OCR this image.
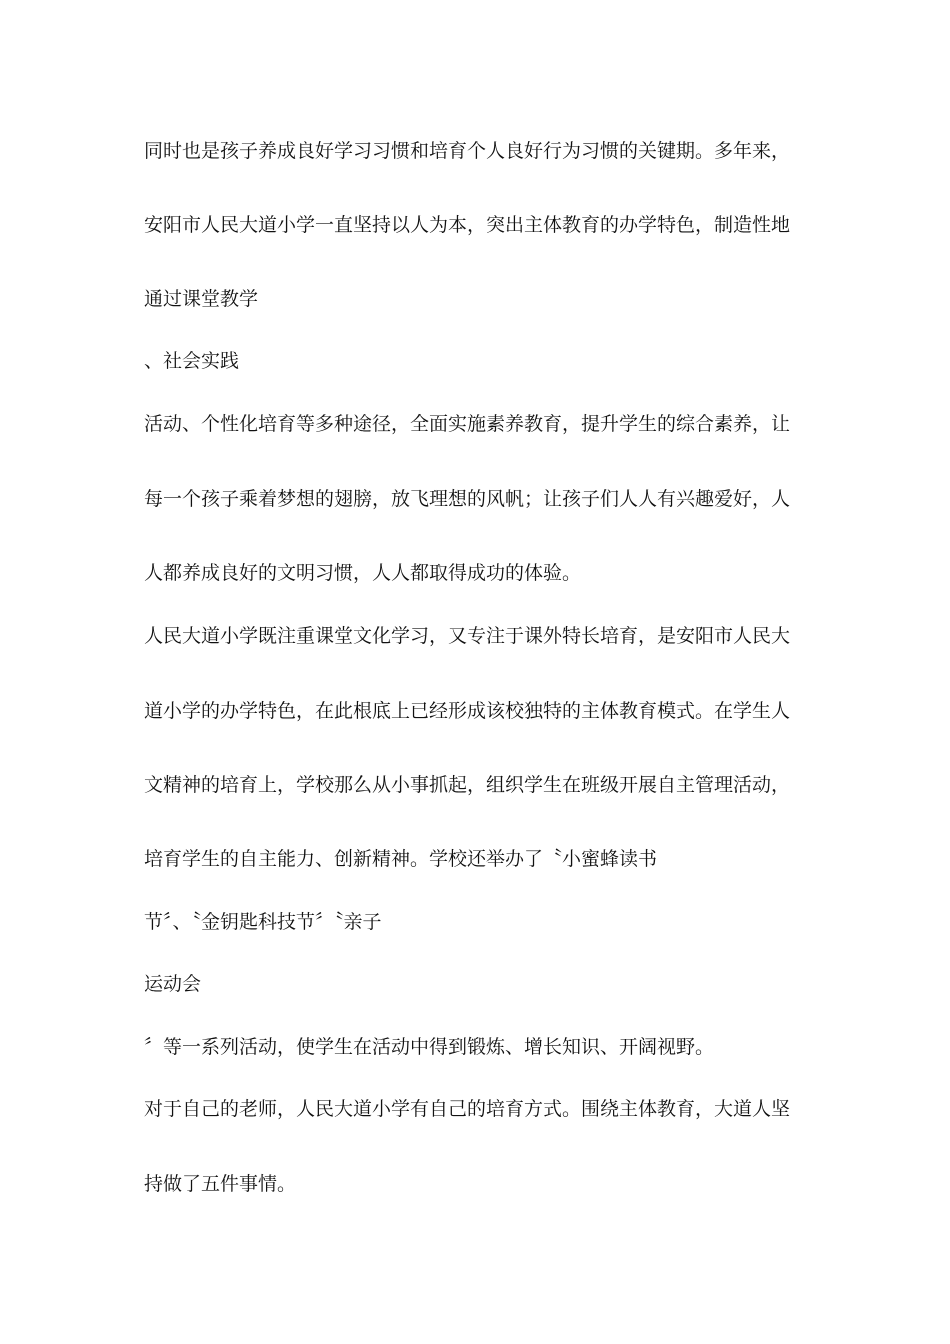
同时也是孩子养成良好学习习惯和培育个人良好行为习惯的关键期。多年来，
安阳市人民大道小学一直坚持以人为本，突出主体教育的办学特色，制造性地
通过课堂教学
、社会实践
活动、个性化培育等多种途径，全面实施素养教育，提升学生的综合素养，让
每一个孩子乘着梦想的翅膀，放飞理想的风帆；让孩子们人人有兴趣爱好，人
人都养成良好的文明习惯，人人都取得成功的体验。
人民大道小学既注重课堂文化学习，又专注于课外特长培育，是安阳市人民大
道小学的办学特色，在此根底上已经形成该校独特的主体教育模式。在学生人
文精神的培育上，学校那么从小事抓起，组织学生在班级开展自主管理活动，
培育学生的自主能力、创新精神。学校还举办了〝小蜜蜂读书
节〞、〝金钥匙科技节〞〝亲子
运动会
〞等一系列活动，使学生在活动中得到锻炼、增长知识、开阔视野。
对于自己的老师，人民大道小学有自己的培育方式。围绕主体教育，大道人坚
持做了五件事情。
